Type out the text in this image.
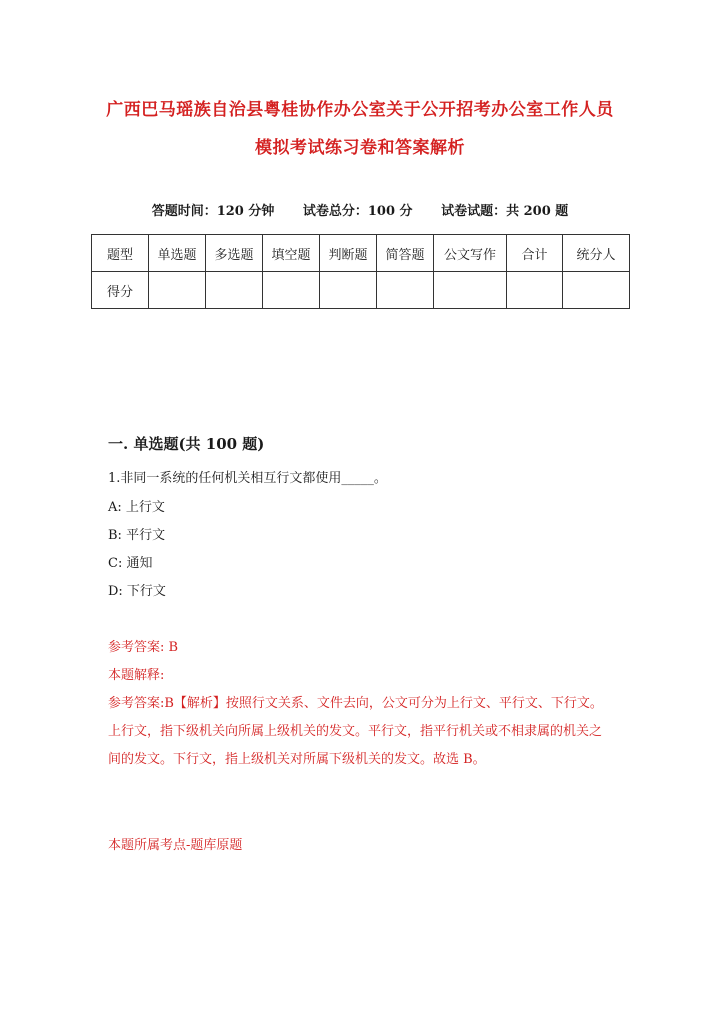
广西巴马瑶族自治县粤桂协作办公室关于公开招考办公室工作人员
模拟考试练习卷和答案解析
答题时间：120 分钟 试卷总分：100 分 试卷试题：共 200 题
题型	单选题	多选题	填空题	判断题	简答题	公文写作	合计	统分人
得分								
一. 单选题(共 100 题)
1.非同一系统的任何机关相互行文都使用_____。
A: 上行文
B: 平行文
C: 通知
D: 下行文
参考答案: B
本题解释:
参考答案:B【解析】按照行文关系、文件去向，公文可分为上行文、平行文、下行文。上行文，指下级机关向所属上级机关的发文。平行文，指平行机关或不相隶属的机关之间的发文。下行文，指上级机关对所属下级机关的发文。故选 B。
本题所属考点-题库原题
